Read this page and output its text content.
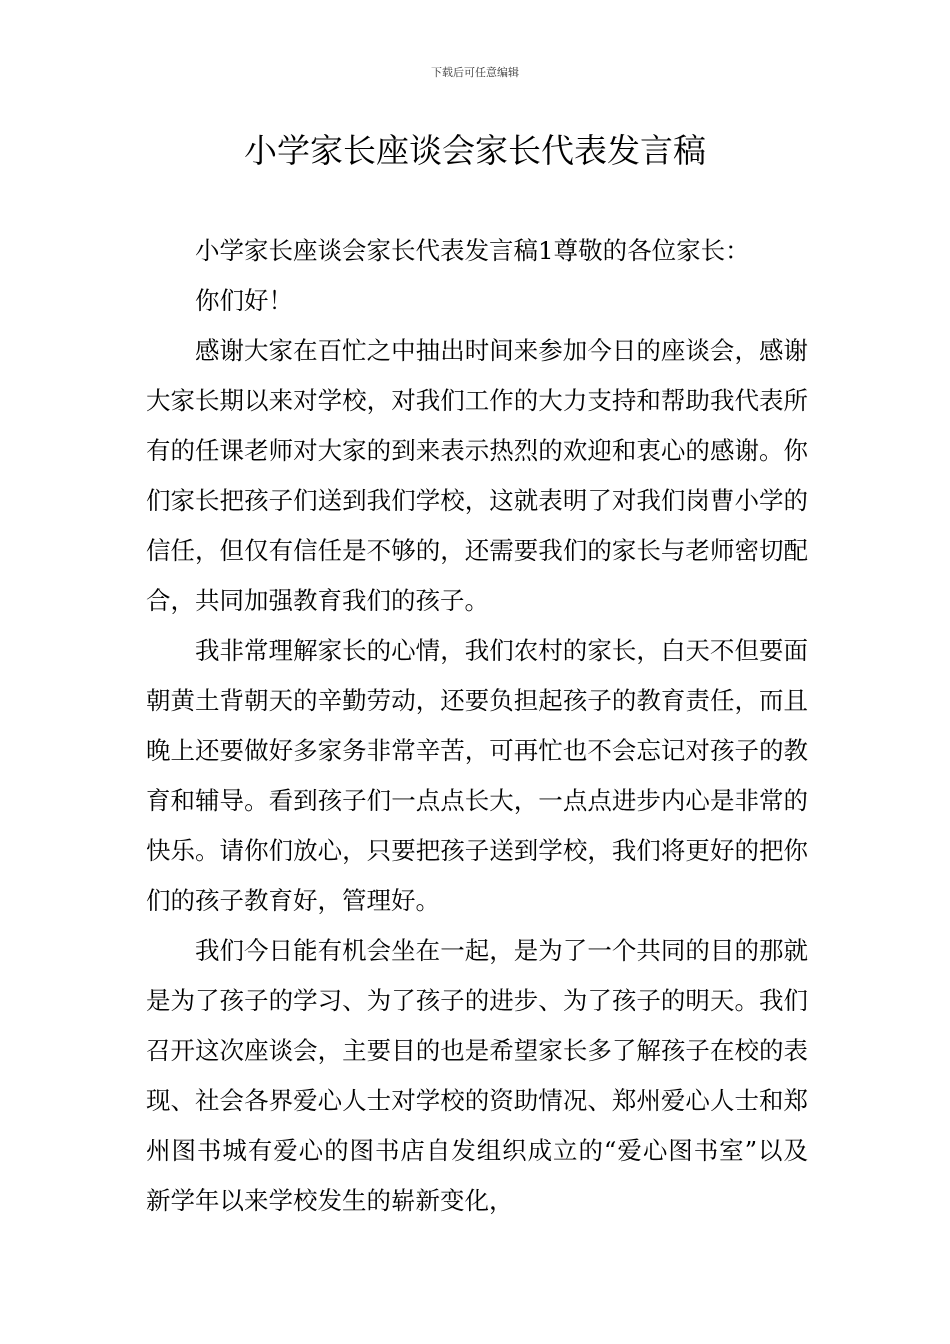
下载后可任意编辑
小学家长座谈会家长代表发言稿

小学家长座谈会家长代表发言稿1尊敬的各位家长：

你们好！

感谢大家在百忙之中抽出时间来参加今日的座谈会，感谢大家长期以来对学校，对我们工作的大力支持和帮助我代表所有的任课老师对大家的到来表示热烈的欢迎和衷心的感谢。你们家长把孩子们送到我们学校，这就表明了对我们岗曹小学的信任，但仅有信任是不够的，还需要我们的家长与老师密切配合，共同加强教育我们的孩子。

我非常理解家长的心情，我们农村的家长，白天不但要面朝黄土背朝天的辛勤劳动，还要负担起孩子的教育责任，而且晚上还要做好多家务非常辛苦，可再忙也不会忘记对孩子的教育和辅导。看到孩子们一点点长大，一点点进步内心是非常的快乐。请你们放心，只要把孩子送到学校，我们将更好的把你们的孩子教育好，管理好。

我们今日能有机会坐在一起，是为了一个共同的目的那就是为了孩子的学习、为了孩子的进步、为了孩子的明天。我们召开这次座谈会，主要目的也是希望家长多了解孩子在校的表现、社会各界爱心人士对学校的资助情况、郑州爱心人士和郑州图书城有爱心的图书店自发组织成立的“爱心图书室”以及新学年以来学校发生的崭新变化，
